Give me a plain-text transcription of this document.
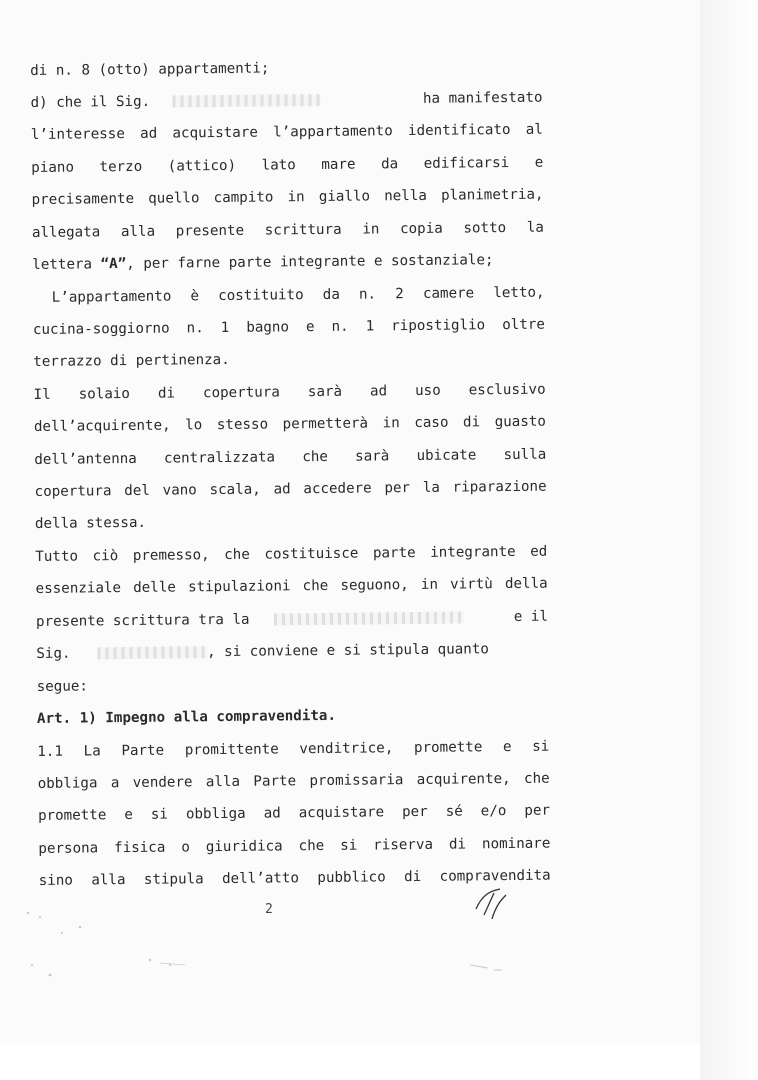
di n. 8 (otto) appartamenti;
d) che il Sig.	ha manifestato
l’interesse ad acquistare l’appartamento identificato al
piano terzo (attico) lato mare da edificarsi e
precisamente quello campito in giallo nella planimetria,
allegata alla presente scrittura in copia sotto la
lettera “A”, per farne parte integrante e sostanziale;
L’appartamento è costituito da n. 2 camere letto,
cucina-soggiorno n. 1 bagno e n. 1 ripostiglio oltre
terrazzo di pertinenza.
Il solaio di copertura sarà ad uso esclusivo
dell’acquirente, lo stesso permetterà in caso di guasto
dell’antenna centralizzata che sarà ubicate sulla
copertura del vano scala, ad accedere per la riparazione
della stessa.
Tutto ciò premesso, che costituisce parte integrante ed
essenziale delle stipulazioni che seguono, in virtù della
presente scrittura tra la	e il
Sig.	, si conviene e si stipula quanto
segue:
Art. 1) Impegno alla compravendita.
1.1 La Parte promittente venditrice, promette e si
obbliga a vendere alla Parte promissaria acquirente, che
promette e si obbliga ad acquistare per sé e/o per
persona fisica o giuridica che si riserva di nominare
sino alla stipula dell’atto pubblico di compravendita
2
